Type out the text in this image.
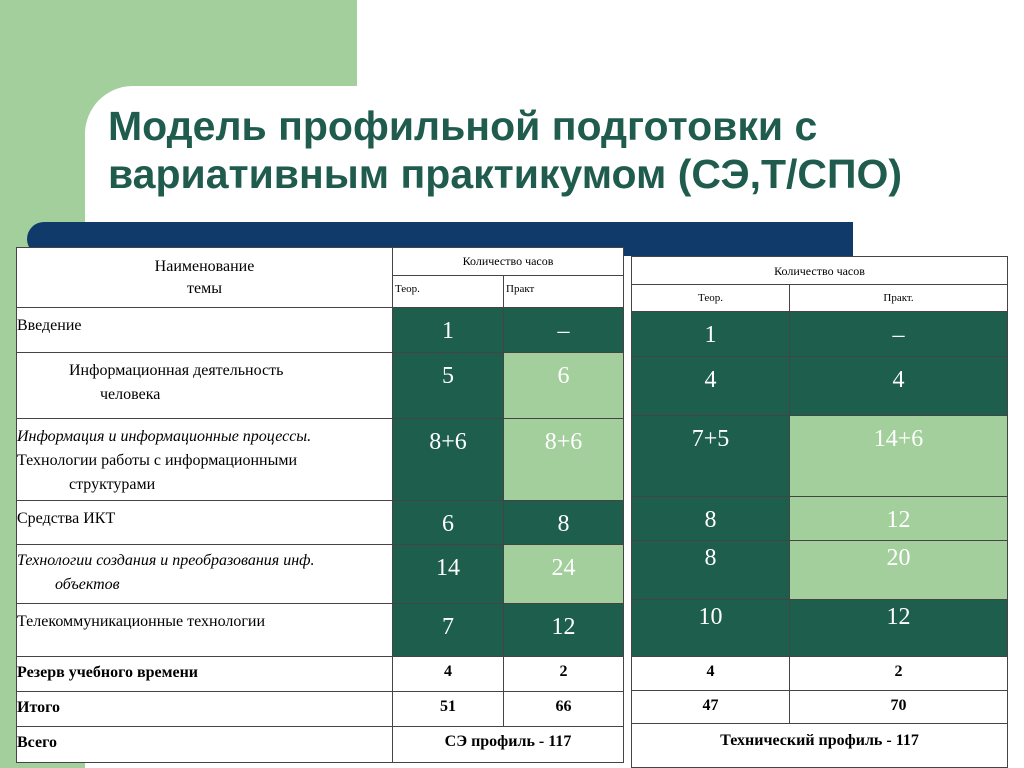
Модель профильной подготовки с
вариативным практикумом (СЭ,Т/СПО)
Наименование
темы	Количество часов	
	Теор.	Практ
Введение	1	–

Информационная деятельность
человека	5	6

Информация и информационные процессы.
Технологии работы с информационными
структурами	8+6	8+6
Средства ИКТ	6	8

Технологии создания и преобразования инф.
объектов	14	24
Телекоммуникационные технологии	7	12
Резерв учебного времени	4	2
Итого	51	66
Всего	СЭ профиль - 117	
Количество часов	
Теор.	Практ.
1	–
4	4
7+5	14+6
8	12
8	20
10	12
4	2
47	70
Технический профиль - 117	
